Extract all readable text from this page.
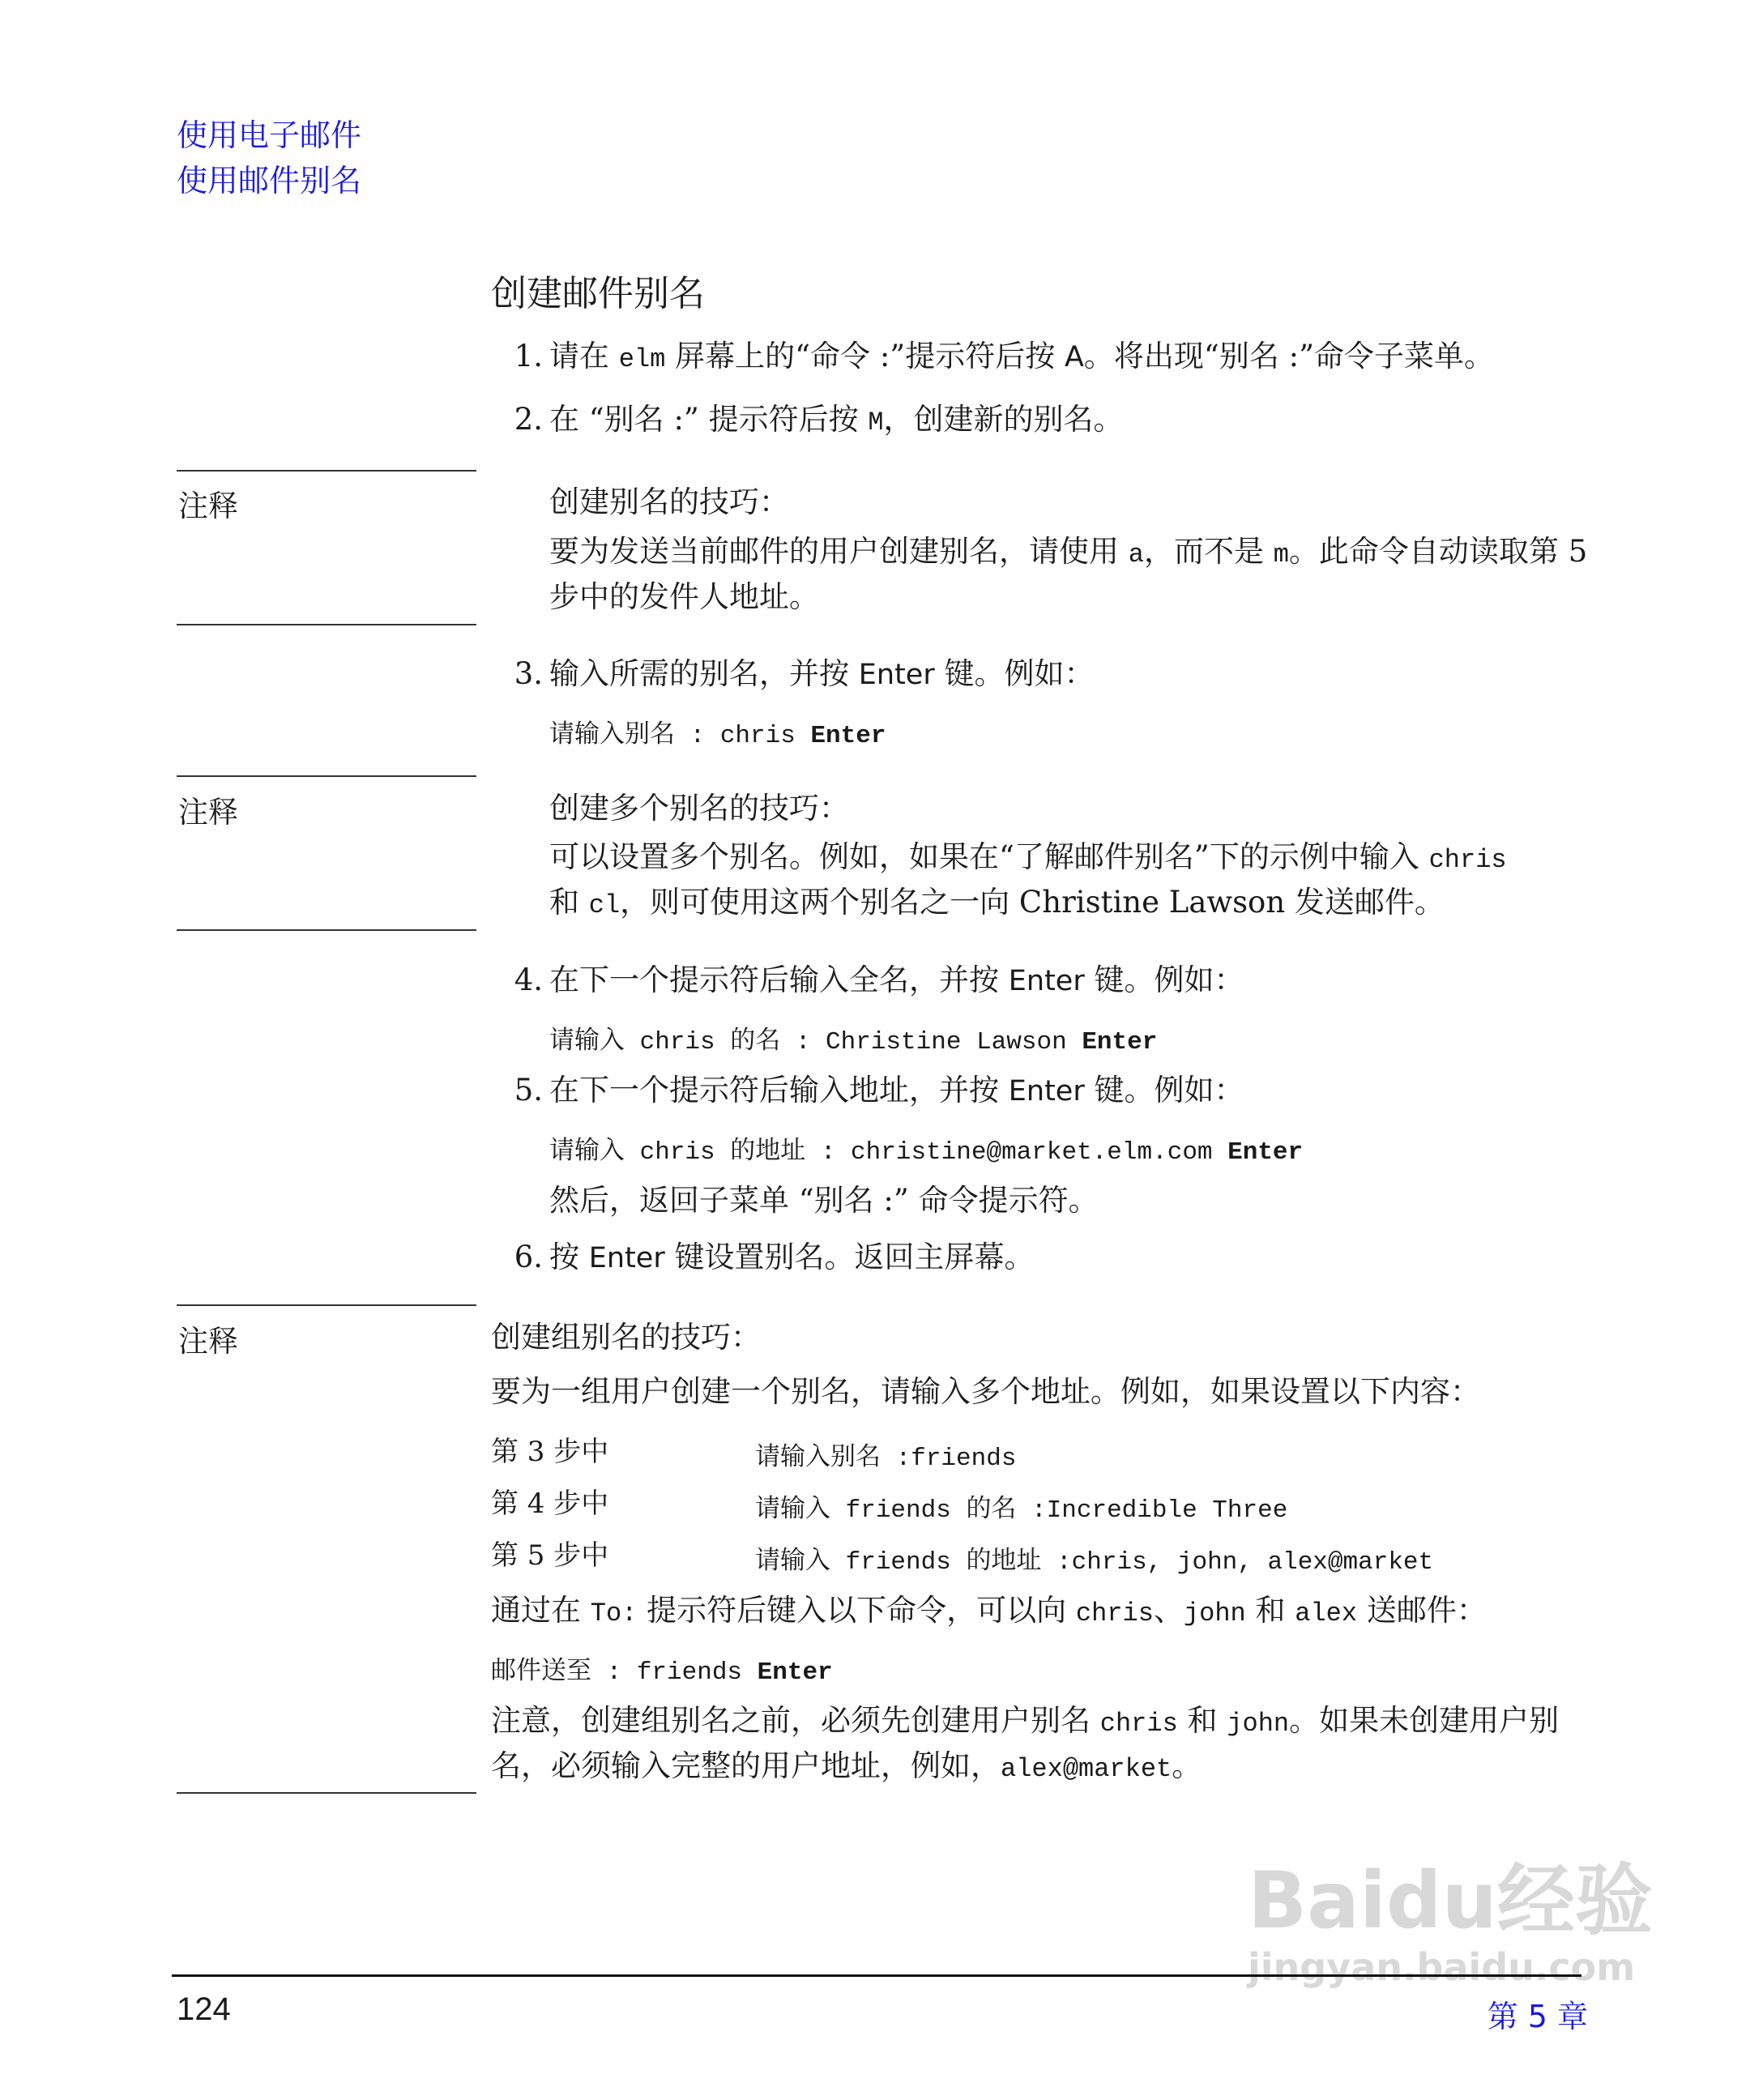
使用电子邮件
使用邮件别名
创建邮件别名
1. 请在 elm 屏幕上的“命令 :”提示符后按 A。将出现“别名 :”命令子菜单。
2. 在 “别名 :” 提示符后按 M，创建新的别名。
注释	创建别名的技巧：
要为发送当前邮件的用户创建别名，请使用 a，而不是 m。此命令自动读取第 5 步中的发件人地址。
3. 输入所需的别名，并按 Enter 键。例如：
请输入别名 : chris Enter
注释	创建多个别名的技巧：
可以设置多个别名。例如，如果在“了解邮件别名”下的示例中输入 chris
和 cl，则可使用这两个别名之一向 Christine Lawson 发送邮件。
4. 在下一个提示符后输入全名，并按 Enter 键。例如：
请输入 chris 的名 : Christine Lawson Enter
5. 在下一个提示符后输入地址，并按 Enter 键。例如：
请输入 chris 的地址 : christine@market.elm.com Enter
然后，返回子菜单 “别名 :” 命令提示符。
6. 按 Enter 键设置别名。返回主屏幕。
注释	创建组别名的技巧：
要为一组用户创建一个别名，请输入多个地址。例如，如果设置以下内容：
第 3 步中	请输入别名 :friends
第 4 步中	请输入 friends 的名 :Incredible Three
第 5 步中	请输入 friends 的地址 :chris, john, alex@market
通过在 To: 提示符后键入以下命令，可以向 chris、john 和 alex 送邮件：
邮件送至 : friends Enter
注意，创建组别名之前，必须先创建用户别名 chris 和 john。如果未创建用户别名，必须输入完整的用户地址，例如，alex@market。
Baidu经验
jingyan.baidu.com
124	第 5 章
